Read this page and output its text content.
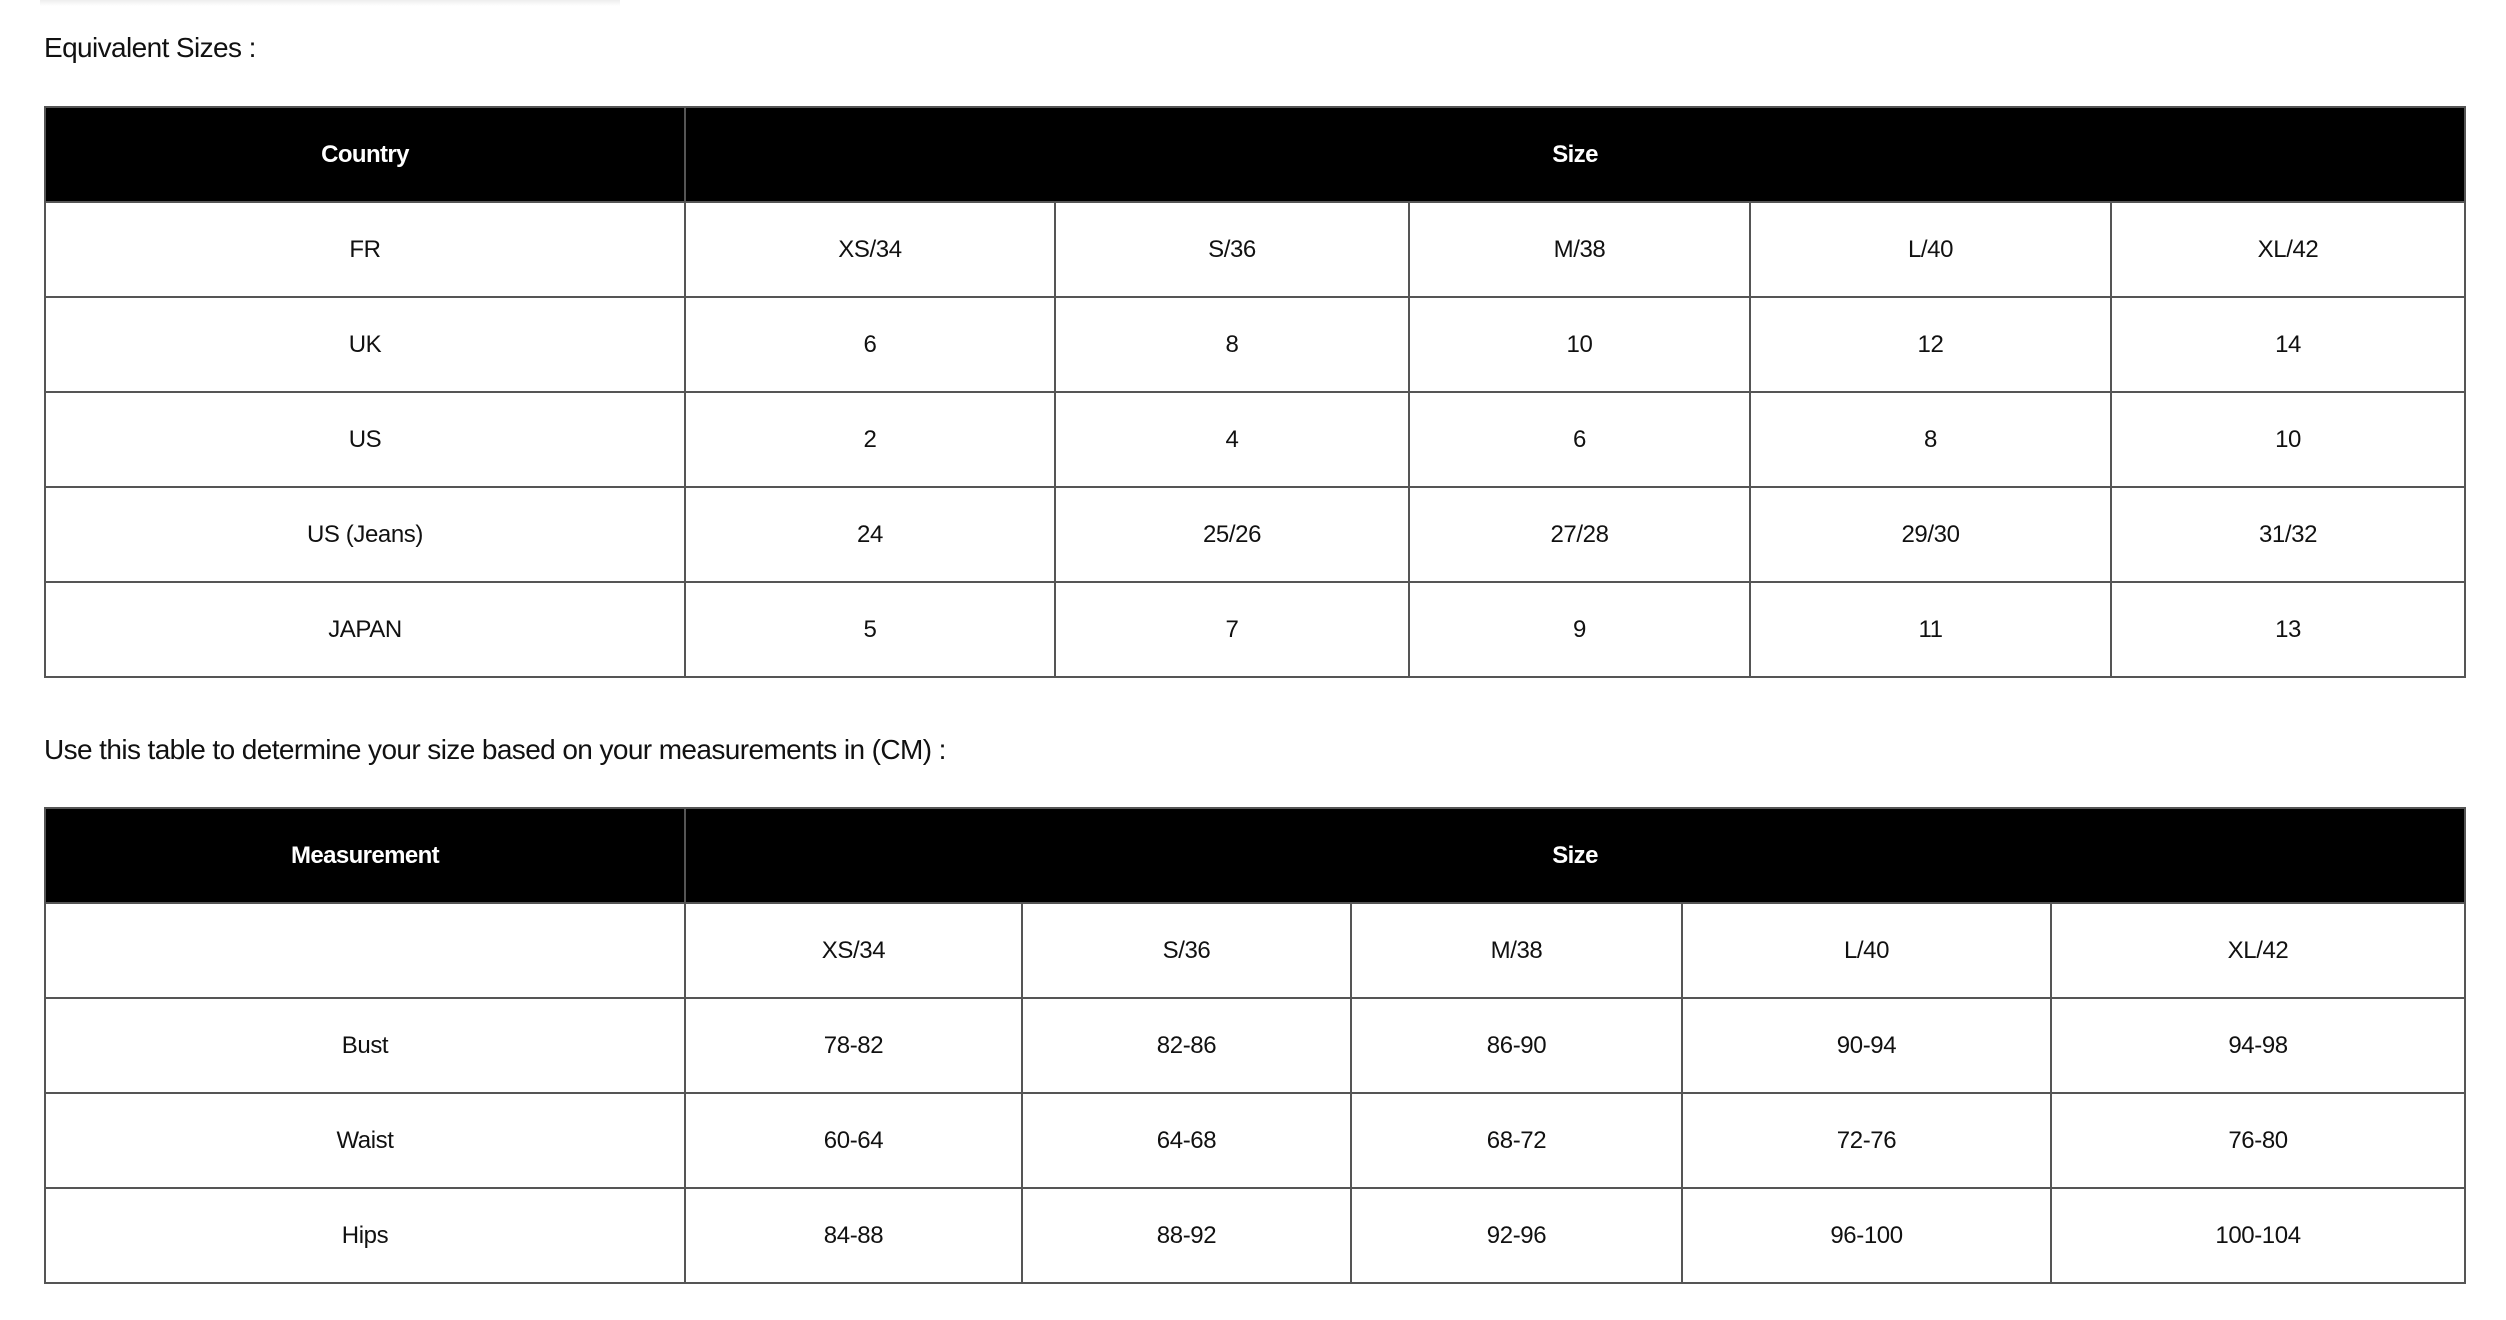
Equivalent Sizes :
Country	Size				
FR	XS/34	S/36	M/38	L/40	XL/42
UK	6	8	10	12	14
US	2	4	6	8	10
US (Jeans)	24	25/26	27/28	29/30	31/32
JAPAN	5	7	9	11	13
Use this table to determine your size based on your measurements in (CM) :
Measurement	Size				
	XS/34	S/36	M/38	L/40	XL/42
Bust	78-82	82-86	86-90	90-94	94-98
Waist	60-64	64-68	68-72	72-76	76-80
Hips	84-88	88-92	92-96	96-100	100-104
